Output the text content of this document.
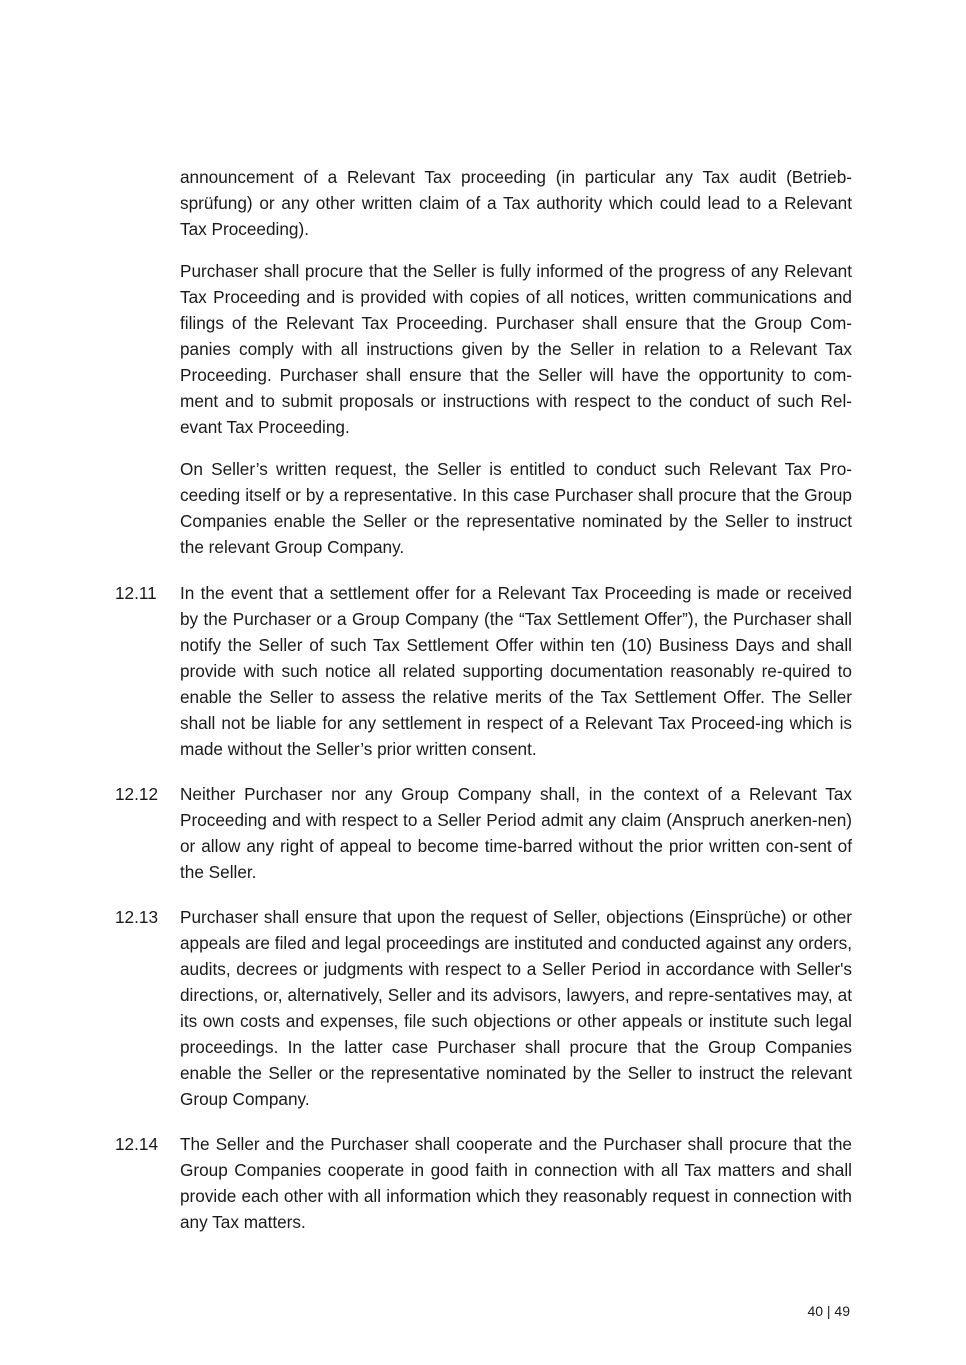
announcement of a Relevant Tax proceeding (in particular any Tax audit (Betrieb-sprüfung) or any other written claim of a Tax authority which could lead to a Relevant Tax Proceeding).

Purchaser shall procure that the Seller is fully informed of the progress of any Relevant Tax Proceeding and is provided with copies of all notices, written communications and filings of the Relevant Tax Proceeding. Purchaser shall ensure that the Group Com-panies comply with all instructions given by the Seller in relation to a Relevant Tax Proceeding. Purchaser shall ensure that the Seller will have the opportunity to com-ment and to submit proposals or instructions with respect to the conduct of such Rel-evant Tax Proceeding.

On Seller’s written request, the Seller is entitled to conduct such Relevant Tax Pro-ceeding itself or by a representative. In this case Purchaser shall procure that the Group Companies enable the Seller or the representative nominated by the Seller to instruct the relevant Group Company.

12.11 In the event that a settlement offer for a Relevant Tax Proceeding is made or received by the Purchaser or a Group Company (the “Tax Settlement Offer”), the Purchaser shall notify the Seller of such Tax Settlement Offer within ten (10) Business Days and shall provide with such notice all related supporting documentation reasonably re-quired to enable the Seller to assess the relative merits of the Tax Settlement Offer. The Seller shall not be liable for any settlement in respect of a Relevant Tax Proceed-ing which is made without the Seller’s prior written consent.

12.12 Neither Purchaser nor any Group Company shall, in the context of a Relevant Tax Proceeding and with respect to a Seller Period admit any claim (Anspruch anerken-nen) or allow any right of appeal to become time-barred without the prior written con-sent of the Seller.

12.13 Purchaser shall ensure that upon the request of Seller, objections (Einsprüche) or other appeals are filed and legal proceedings are instituted and conducted against any orders, audits, decrees or judgments with respect to a Seller Period in accordance with Seller's directions, or, alternatively, Seller and its advisors, lawyers, and repre-sentatives may, at its own costs and expenses, file such objections or other appeals or institute such legal proceedings. In the latter case Purchaser shall procure that the Group Companies enable the Seller or the representative nominated by the Seller to instruct the relevant Group Company.

12.14 The Seller and the Purchaser shall cooperate and the Purchaser shall procure that the Group Companies cooperate in good faith in connection with all Tax matters and shall provide each other with all information which they reasonably request in connection with any Tax matters.

40 | 49
